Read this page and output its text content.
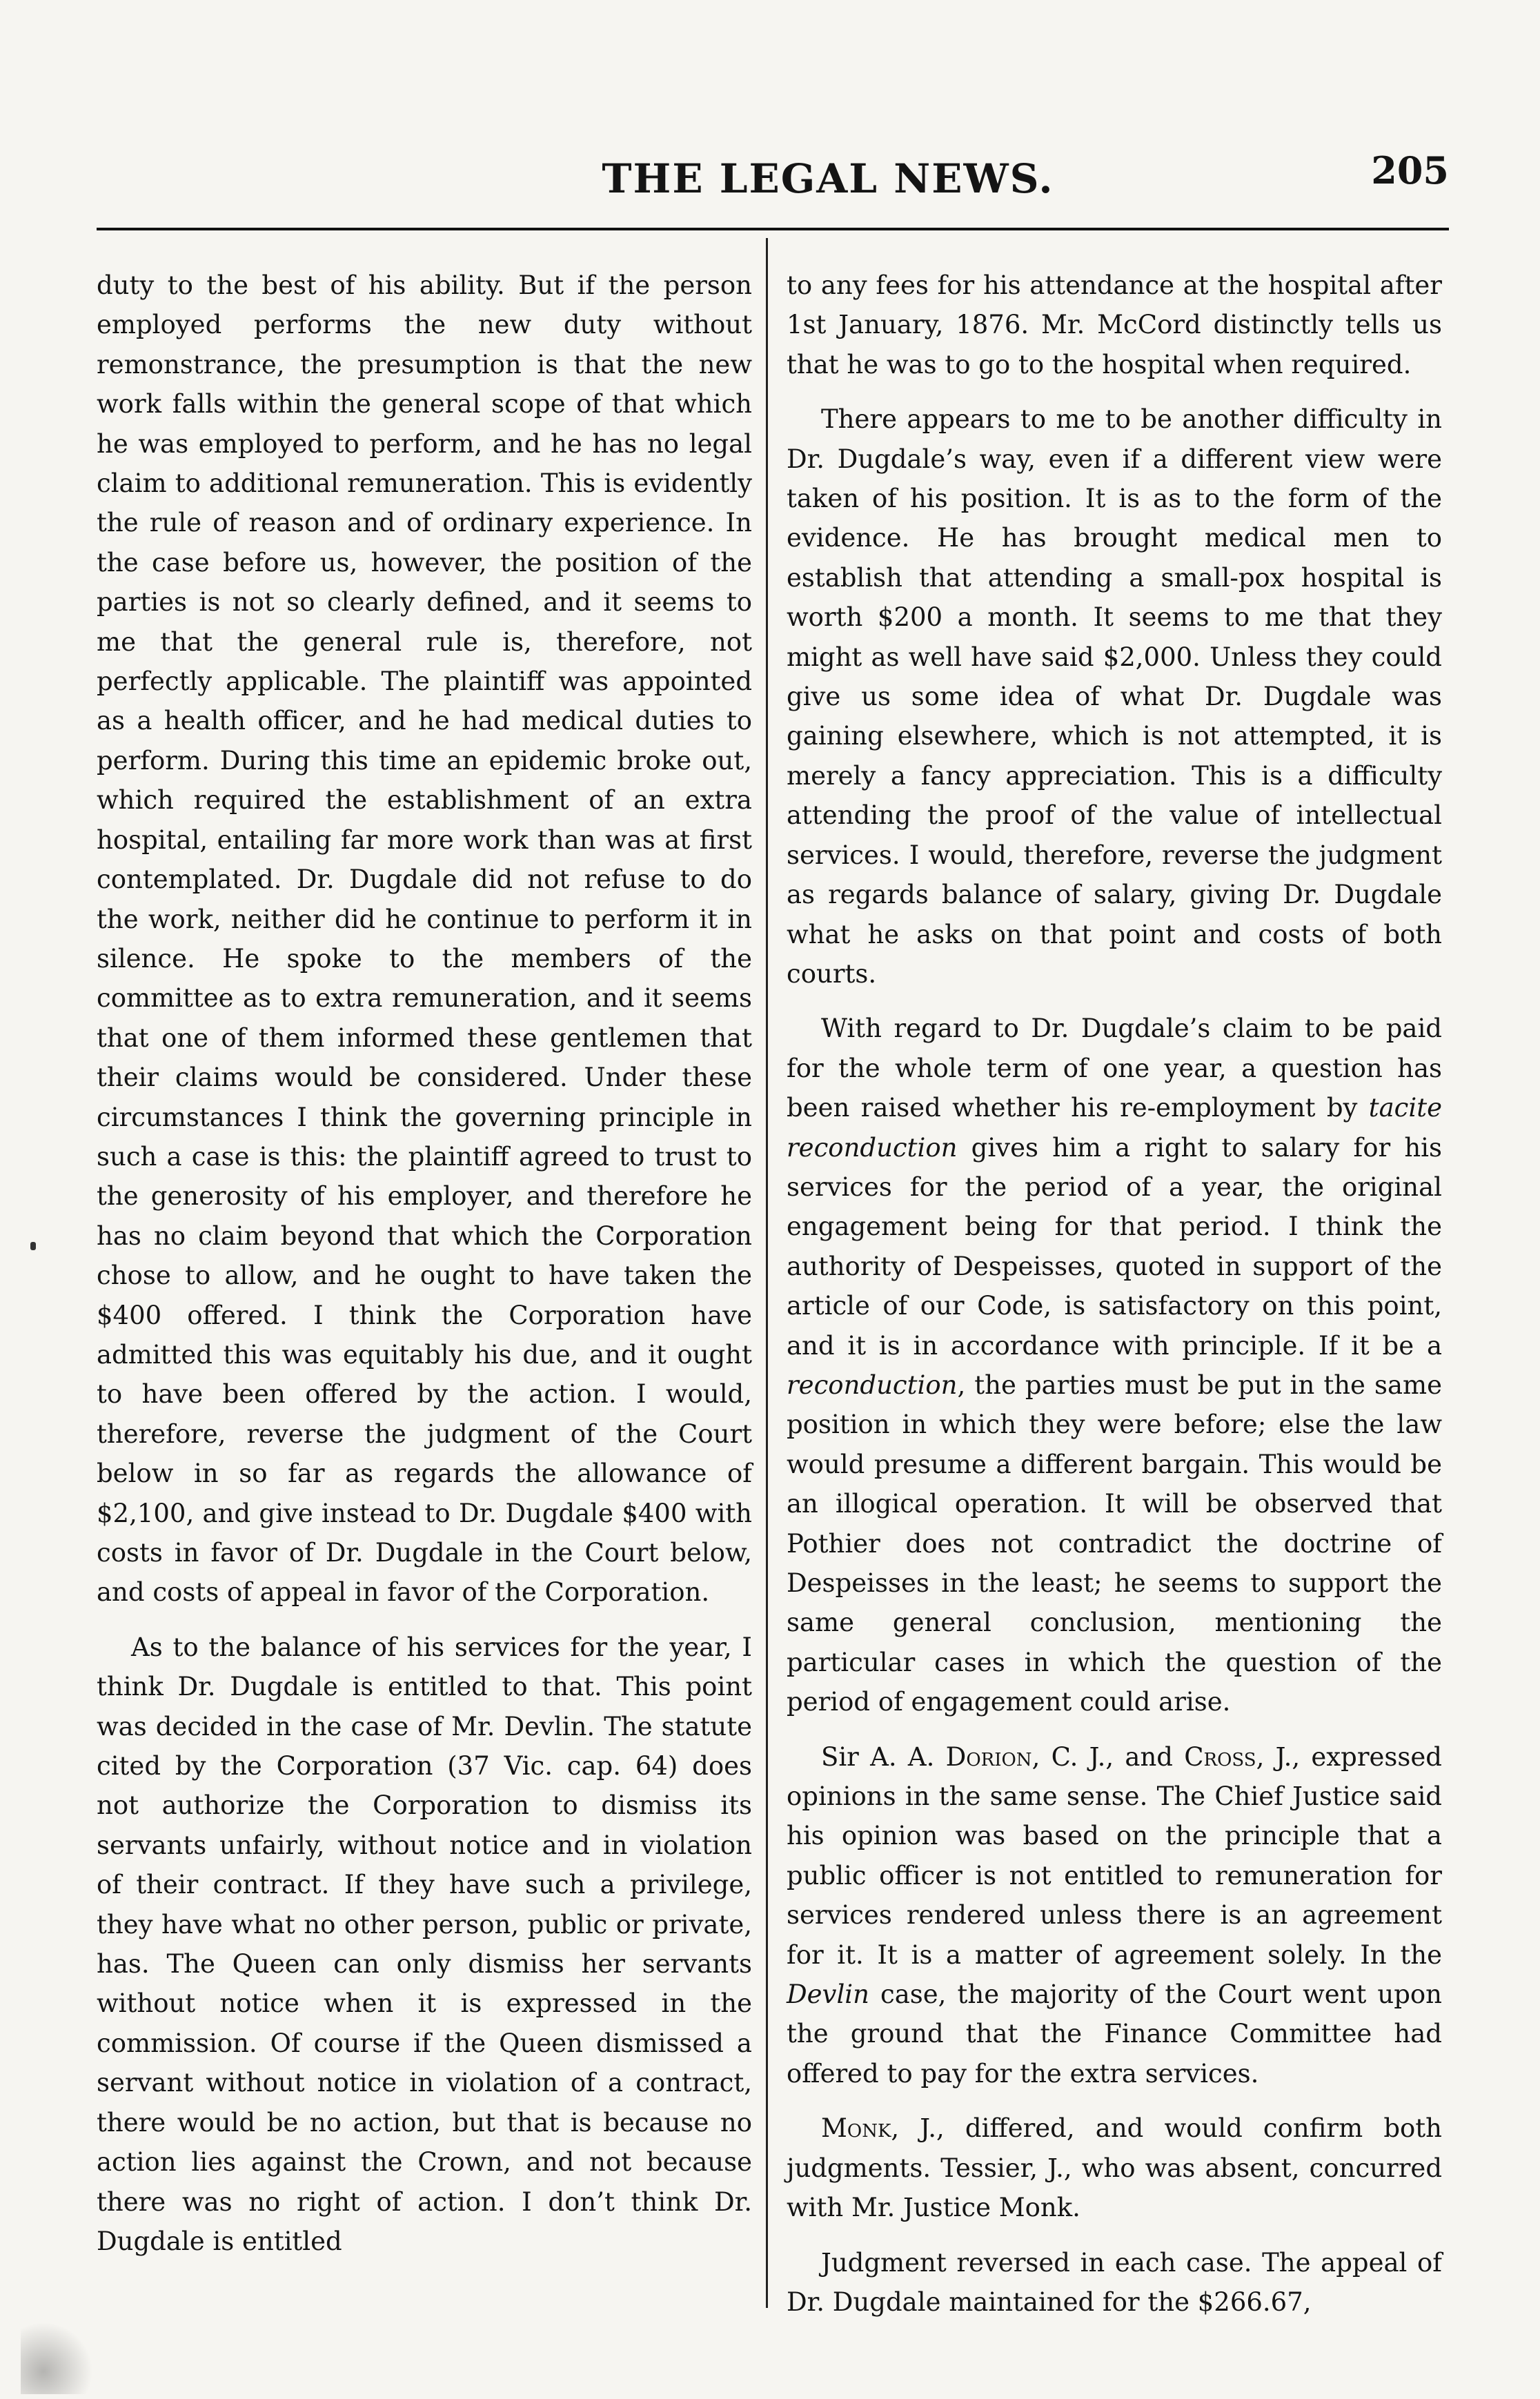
THE LEGAL NEWS.	205

duty to the best of his ability. But if the person employed performs the new duty without remonstrance, the presumption is that the new work falls within the general scope of that which he was employed to perform, and he has no legal claim to additional remuneration. This is evidently the rule of reason and of ordinary experience. In the case before us, however, the position of the parties is not so clearly defined, and it seems to me that the general rule is, therefore, not perfectly applicable. The plaintiff was appointed as a health officer, and he had medical duties to perform. During this time an epidemic broke out, which required the establishment of an extra hospital, entailing far more work than was at first contemplated. Dr. Dugdale did not refuse to do the work, neither did he continue to perform it in silence. He spoke to the members of the committee as to extra remuneration, and it seems that one of them informed these gentlemen that their claims would be considered. Under these circumstances I think the governing principle in such a case is this: the plaintiff agreed to trust to the generosity of his employer, and therefore he has no claim beyond that which the Corporation chose to allow, and he ought to have taken the $400 offered. I think the Corporation have admitted this was equitably his due, and it ought to have been offered by the action. I would, therefore, reverse the judgment of the Court below in so far as regards the allowance of $2,100, and give instead to Dr. Dugdale $400 with costs in favor of Dr. Dugdale in the Court below, and costs of appeal in favor of the Corporation.

As to the balance of his services for the year, I think Dr. Dugdale is entitled to that. This point was decided in the case of Mr. Devlin. The statute cited by the Corporation (37 Vic. cap. 64) does not authorize the Corporation to dismiss its servants unfairly, without notice and in violation of their contract. If they have such a privilege, they have what no other person, public or private, has. The Queen can only dismiss her servants without notice when it is expressed in the commission. Of course if the Queen dismissed a servant without notice in violation of a contract, there would be no action, but that is because no action lies against the Crown, and not because there was no right of action. I don’t think Dr. Dugdale is entitled

to any fees for his attendance at the hospital after 1st January, 1876. Mr. McCord distinctly tells us that he was to go to the hospital when required.

There appears to me to be another difficulty in Dr. Dugdale’s way, even if a different view were taken of his position. It is as to the form of the evidence. He has brought medical men to establish that attending a small-pox hospital is worth $200 a month. It seems to me that they might as well have said $2,000. Unless they could give us some idea of what Dr. Dugdale was gaining elsewhere, which is not attempted, it is merely a fancy appreciation. This is a difficulty attending the proof of the value of intellectual services. I would, therefore, reverse the judgment as regards balance of salary, giving Dr. Dugdale what he asks on that point and costs of both courts.

With regard to Dr. Dugdale’s claim to be paid for the whole term of one year, a question has been raised whether his re-employment by tacite reconduction gives him a right to salary for his services for the period of a year, the original engagement being for that period. I think the authority of Despeisses, quoted in support of the article of our Code, is satisfactory on this point, and it is in accordance with principle. If it be a reconduction, the parties must be put in the same position in which they were before; else the law would presume a different bargain. This would be an illogical operation. It will be observed that Pothier does not contradict the doctrine of Despeisses in the least; he seems to support the same general conclusion, mentioning the particular cases in which the question of the period of engagement could arise.

Sir A. A. Dorion, C. J., and Cross, J., expressed opinions in the same sense. The Chief Justice said his opinion was based on the principle that a public officer is not entitled to remuneration for services rendered unless there is an agreement for it. It is a matter of agreement solely. In the Devlin case, the majority of the Court went upon the ground that the Finance Committee had offered to pay for the extra services.

Monk, J., differed, and would confirm both judgments. Tessier, J., who was absent, concurred with Mr. Justice Monk.

Judgment reversed in each case. The appeal of Dr. Dugdale maintained for the $266.67,
